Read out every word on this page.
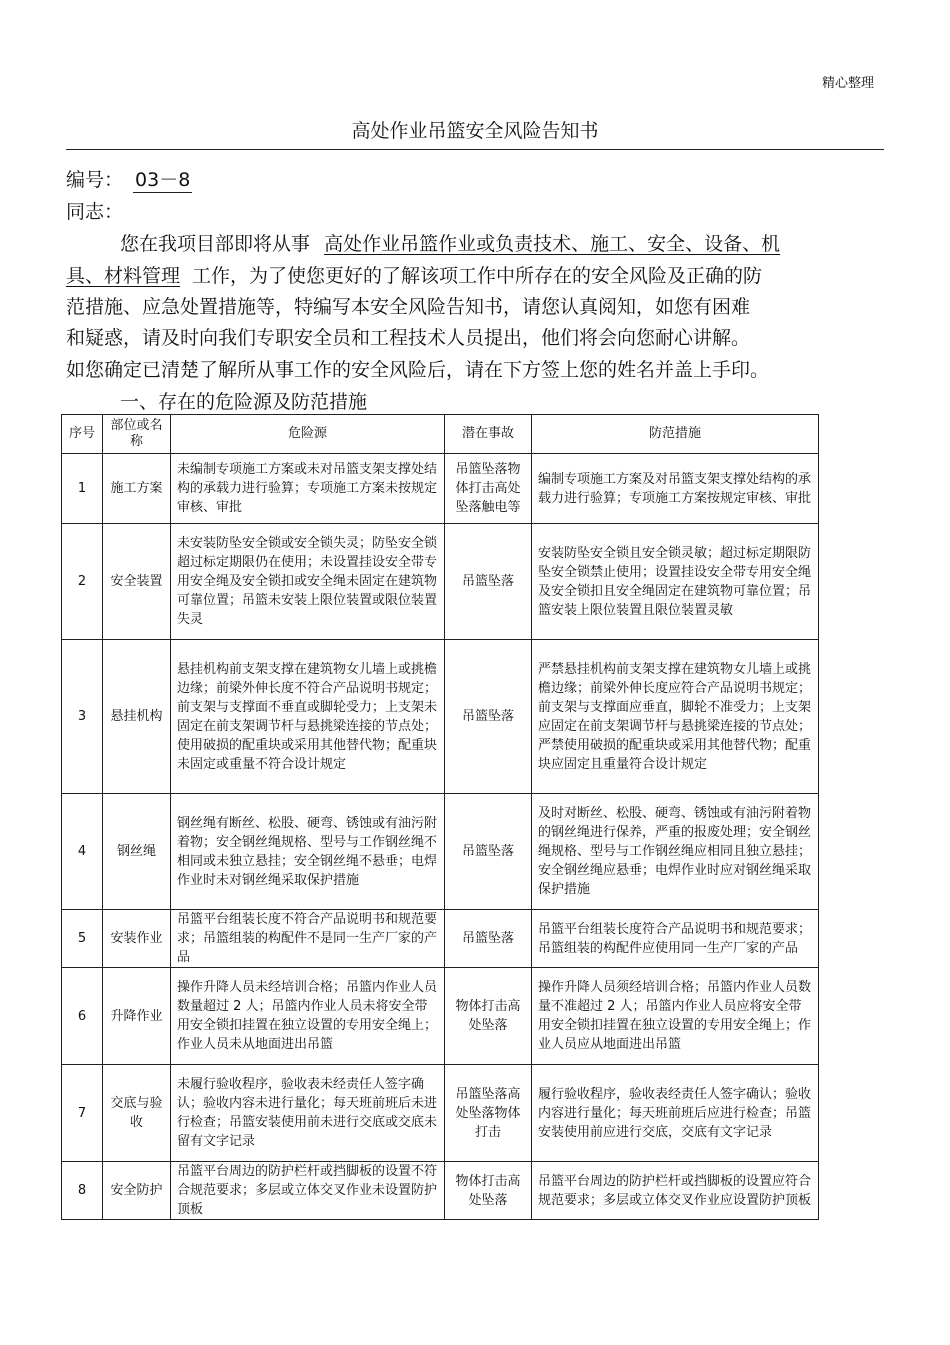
精心整理
高处作业吊篮安全风险告知书
编号： 03－8
同志：
您在我项目部即将从事 高处作业吊篮作业或负责技术、施工、安全、设备、机
具、材料管理 工作，为了使您更好的了解该项工作中所存在的安全风险及正确的防
范措施、应急处置措施等，特编写本安全风险告知书，请您认真阅知，如您有困难
和疑惑，请及时向我们专职安全员和工程技术人员提出，他们将会向您耐心讲解。
如您确定已清楚了解所从事工作的安全风险后，请在下方签上您的姓名并盖上手印。
一、存在的危险源及防范措施
序号	部位或名称	危险源	潜在事故	防范措施
1	施工方案	未编制专项施工方案或未对吊篮支架支撑处结构的承载力进行验算；专项施工方案未按规定审核、审批	吊篮坠落物体打击高处坠落触电等	编制专项施工方案及对吊篮支架支撑处结构的承载力进行验算；专项施工方案按规定审核、审批
2	安全装置	未安装防坠安全锁或安全锁失灵；防坠安全锁超过标定期限仍在使用；未设置挂设安全带专用安全绳及安全锁扣或安全绳未固定在建筑物可靠位置；吊篮未安装上限位装置或限位装置失灵	吊篮坠落	安装防坠安全锁且安全锁灵敏；超过标定期限防坠安全锁禁止使用；设置挂设安全带专用安全绳及安全锁扣且安全绳固定在建筑物可靠位置；吊篮安装上限位装置且限位装置灵敏
3	悬挂机构	悬挂机构前支架支撑在建筑物女儿墙上或挑檐边缘；前梁外伸长度不符合产品说明书规定；前支架与支撑面不垂直或脚轮受力；上支架未固定在前支架调节杆与悬挑梁连接的节点处；使用破损的配重块或采用其他替代物；配重块未固定或重量不符合设计规定	吊篮坠落	严禁悬挂机构前支架支撑在建筑物女儿墙上或挑檐边缘；前梁外伸长度应符合产品说明书规定；前支架与支撑面应垂直，脚轮不准受力；上支架应固定在前支架调节杆与悬挑梁连接的节点处；严禁使用破损的配重块或采用其他替代物；配重块应固定且重量符合设计规定
4	钢丝绳	钢丝绳有断丝、松股、硬弯、锈蚀或有油污附着物；安全钢丝绳规格、型号与工作钢丝绳不相同或未独立悬挂；安全钢丝绳不悬垂；电焊作业时未对钢丝绳采取保护措施	吊篮坠落	及时对断丝、松股、硬弯、锈蚀或有油污附着物的钢丝绳进行保养，严重的报废处理；安全钢丝绳规格、型号与工作钢丝绳应相同且独立悬挂；安全钢丝绳应悬垂；电焊作业时应对钢丝绳采取保护措施
5	安装作业	吊篮平台组装长度不符合产品说明书和规范要求；吊篮组装的构配件不是同一生产厂家的产品	吊篮坠落	吊篮平台组装长度符合产品说明书和规范要求；吊篮组装的构配件应使用同一生产厂家的产品
6	升降作业	操作升降人员未经培训合格；吊篮内作业人员数量超过 2 人；吊篮内作业人员未将安全带用安全锁扣挂置在独立设置的专用安全绳上；作业人员未从地面进出吊篮	物体打击高处坠落	操作升降人员须经培训合格；吊篮内作业人员数量不准超过 2 人；吊篮内作业人员应将安全带用安全锁扣挂置在独立设置的专用安全绳上；作业人员应从地面进出吊篮
7	交底与验收	未履行验收程序，验收表未经责任人签字确认；验收内容未进行量化；每天班前班后未进行检查；吊篮安装使用前未进行交底或交底未留有文字记录	吊篮坠落高处坠落物体打击	履行验收程序，验收表经责任人签字确认；验收内容进行量化；每天班前班后应进行检查；吊篮安装使用前应进行交底，交底有文字记录
8	安全防护	吊篮平台周边的防护栏杆或挡脚板的设置不符合规范要求；多层或立体交叉作业未设置防护顶板	物体打击高处坠落	吊篮平台周边的防护栏杆或挡脚板的设置应符合规范要求；多层或立体交叉作业应设置防护顶板
